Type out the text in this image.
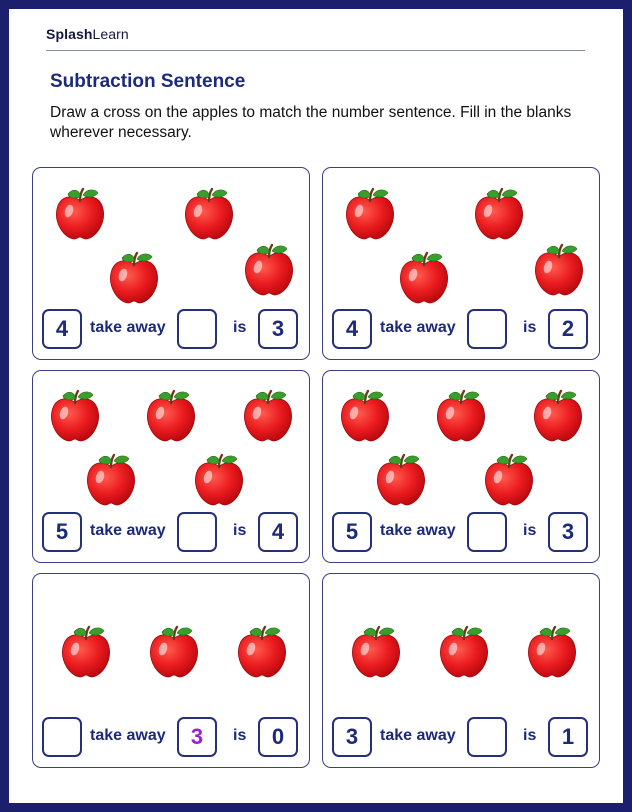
SplashLearn
Subtraction Sentence
Draw a cross on the apples to match the number sentence. Fill in the blanks wherever necessary.
4	take away	is	3	4	take away	is	2
5	take away	is	4	5	take away	is	3
take away	3	is	0	3	take away	is	1
